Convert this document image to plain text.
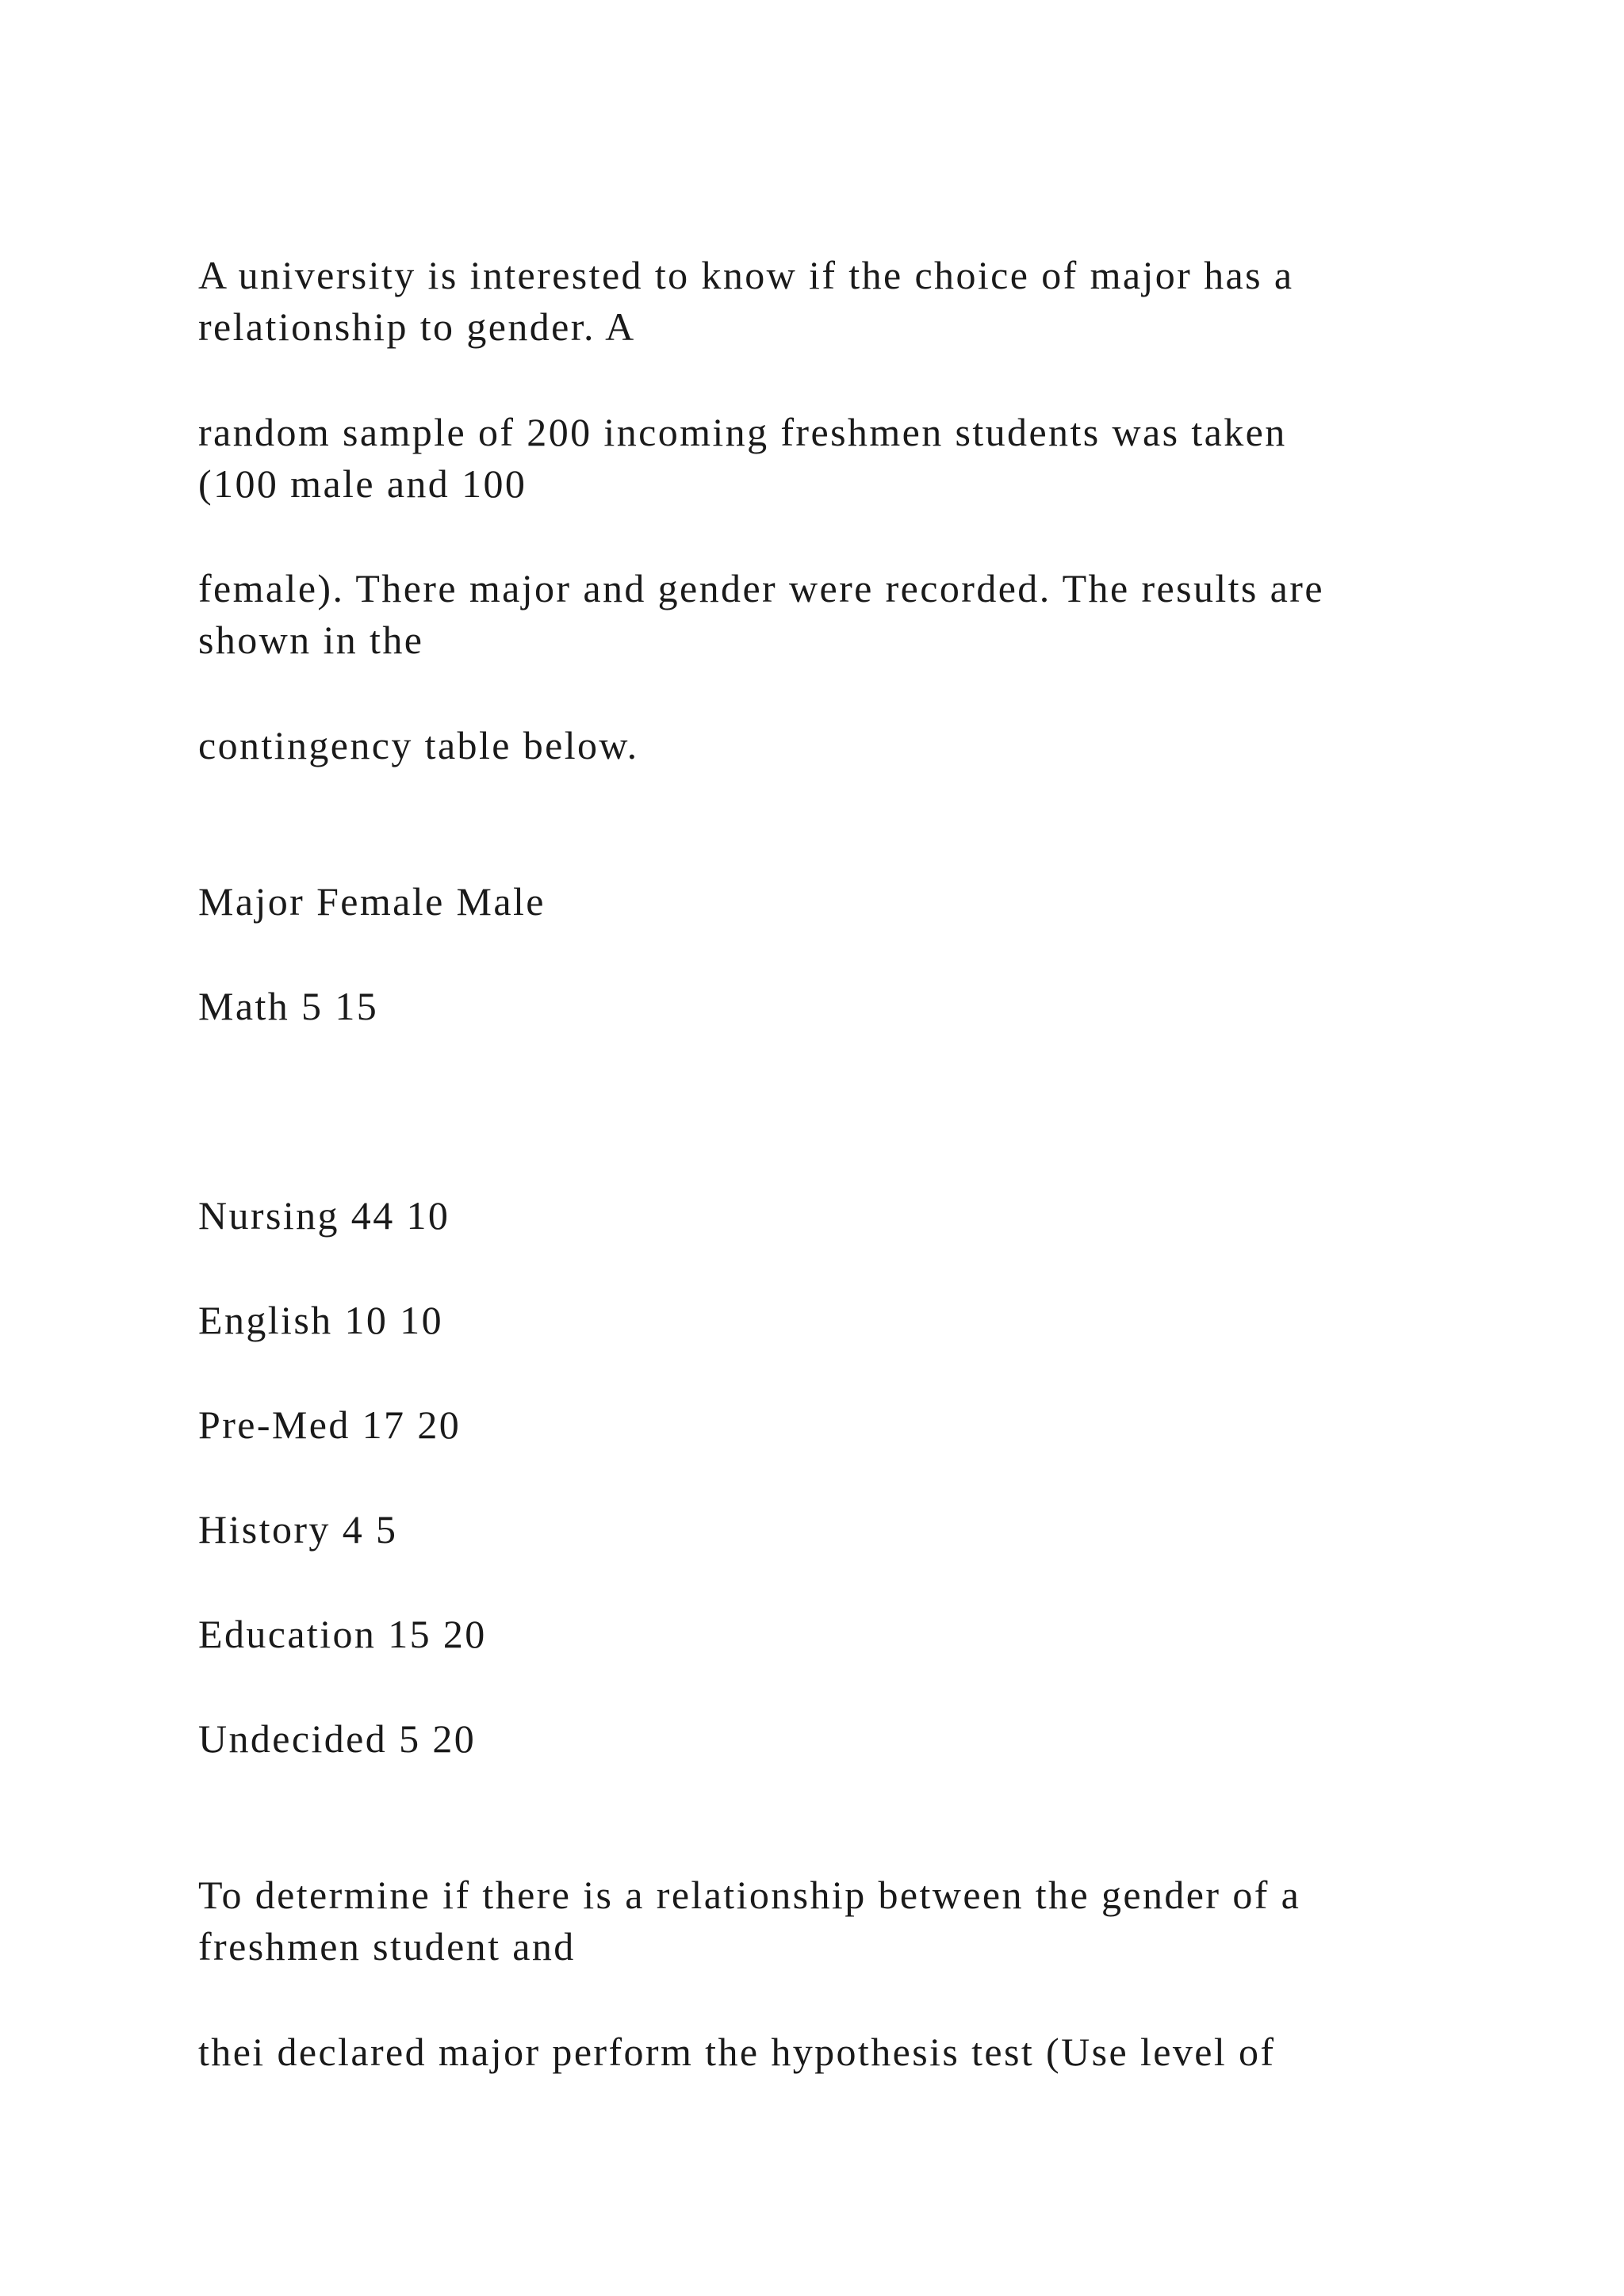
A university is interested to know if the choice of major has a
relationship to gender. A
random sample of 200 incoming freshmen students was taken
(100 male and 100
female). There major and gender were recorded. The results are
shown in the
contingency table below.
Major Female Male
Math 5 15
Nursing 44 10
English 10 10
Pre-Med 17 20
History 4 5
Education 15 20
Undecided 5 20
To determine if there is a relationship between the gender of a
freshmen student and
thei declared major perform the hypothesis test (Use level of
